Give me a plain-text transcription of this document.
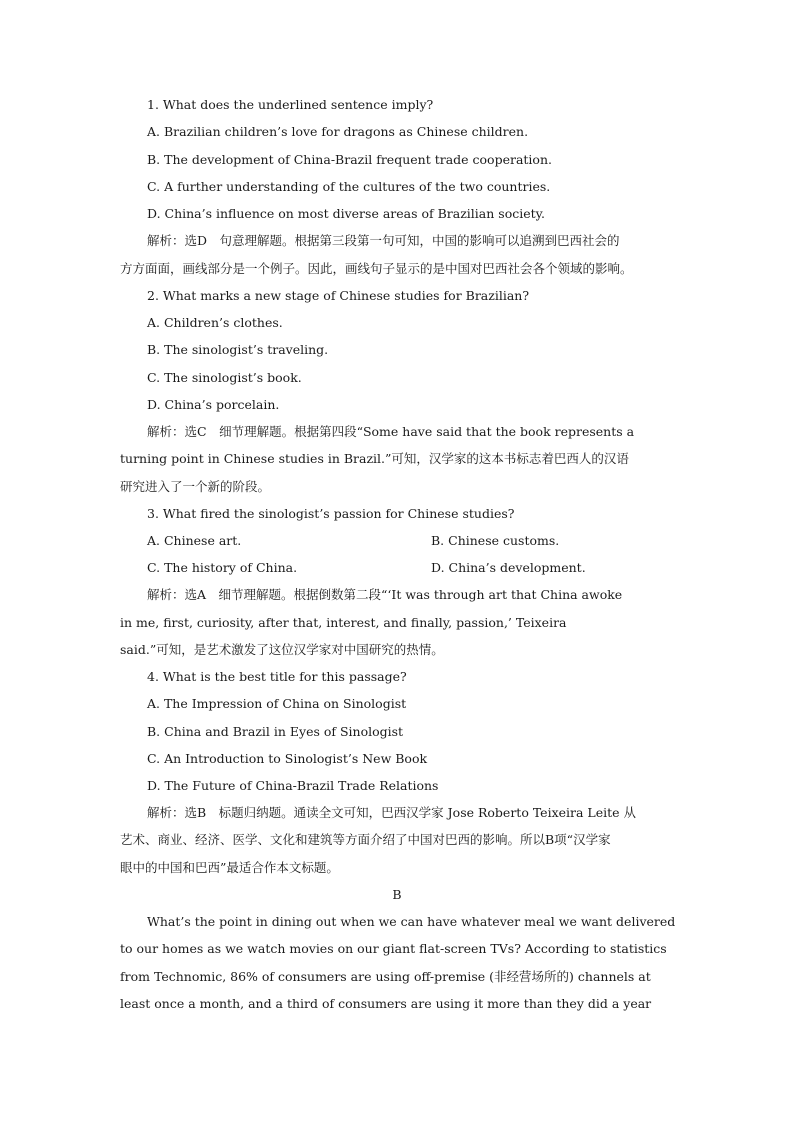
1. What does the underlined sentence imply?
A. Brazilian children’s love for dragons as Chinese children.
B. The development of China-Brazil frequent trade cooperation.
C. A further understanding of the cultures of the two countries.
D. China’s influence on most diverse areas of Brazilian society.
解析：选D　句意理解题。根据第三段第一句可知，中国的影响可以追溯到巴西社会的
方方面面，画线部分是一个例子。因此，画线句子显示的是中国对巴西社会各个领域的影响。
2. What marks a new stage of Chinese studies for Brazilian?
A. Children’s clothes.
B. The sinologist’s traveling.
C. The sinologist’s book.
D. China’s porcelain.
解析：选C　细节理解题。根据第四段“Some have said that the book represents a
turning point in Chinese studies in Brazil.”可知，汉学家的这本书标志着巴西人的汉语
研究进入了一个新的阶段。
3. What fired the sinologist’s passion for Chinese studies?
A. Chinese art.	B. Chinese customs.
C. The history of China.	D. China’s development.
解析：选A　细节理解题。根据倒数第二段“‘It was through art that China awoke
in me, first, curiosity, after that, interest, and finally, passion,’ Teixeira
said.”可知，是艺术激发了这位汉学家对中国研究的热情。
4. What is the best title for this passage?
A. The Impression of China on Sinologist
B. China and Brazil in Eyes of Sinologist
C. An Introduction to Sinologist’s New Book
D. The Future of China-Brazil Trade Relations
解析：选B　标题归纳题。通读全文可知，巴西汉学家 Jose Roberto Teixeira Leite 从
艺术、商业、经济、医学、文化和建筑等方面介绍了中国对巴西的影响。所以B项“汉学家
眼中的中国和巴西”最适合作本文标题。
B
What’s the point in dining out when we can have whatever meal we want delivered
to our homes as we watch movies on our giant flat-screen TVs? According to statistics
from Technomic, 86% of consumers are using off-premise (非经营场所的) channels at
least once a month, and a third of consumers are using it more than they did a year
